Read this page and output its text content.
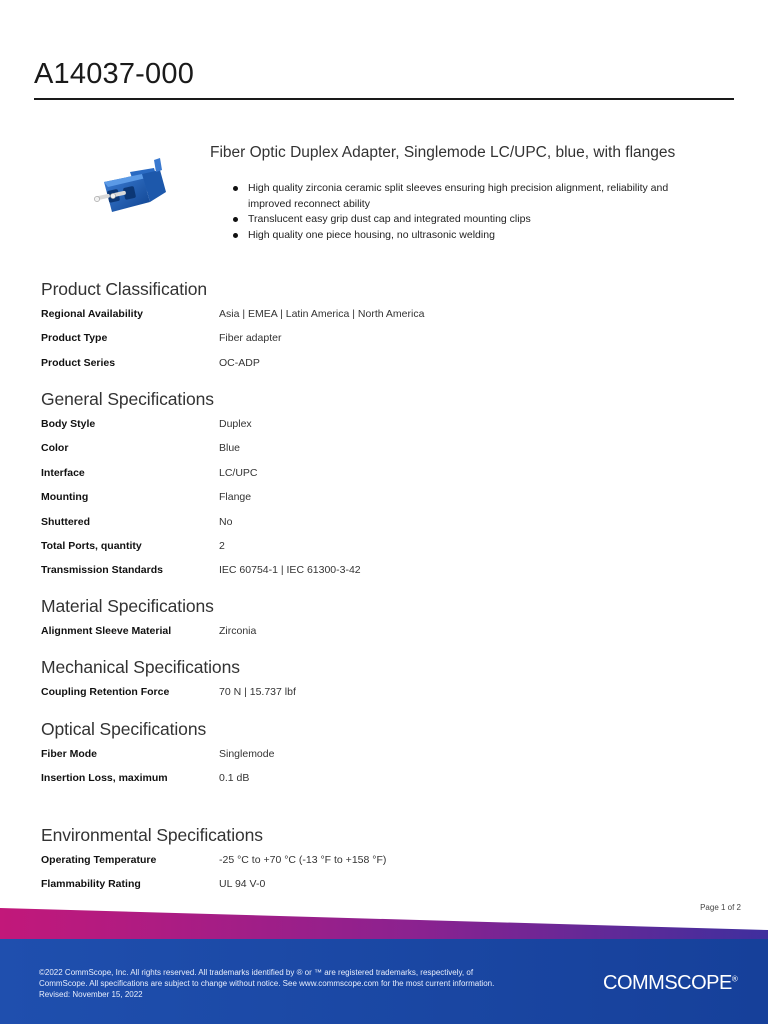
A14037-000
Fiber Optic Duplex Adapter, Singlemode LC/UPC, blue, with flanges
High quality zirconia ceramic split sleeves ensuring high precision alignment, reliability and improved reconnect ability
Translucent easy grip dust cap and integrated mounting clips
High quality one piece housing, no ultrasonic welding
Product Classification
Regional Availability	Asia | EMEA | Latin America | North America
Product Type	Fiber adapter
Product Series	OC-ADP
General Specifications
Body Style	Duplex
Color	Blue
Interface	LC/UPC
Mounting	Flange
Shuttered	No
Total Ports, quantity	2
Transmission Standards	IEC 60754-1 | IEC 61300-3-42
Material Specifications
Alignment Sleeve Material	Zirconia
Mechanical Specifications
Coupling Retention Force	70 N | 15.737 lbf
Optical Specifications
Fiber Mode	Singlemode
Insertion Loss, maximum	0.1 dB
Environmental Specifications
Operating Temperature	-25 °C to +70 °C (-13 °F to +158 °F)
Flammability Rating	UL 94 V-0
Page 1 of 2
©2022 CommScope, Inc. All rights reserved. All trademarks identified by ® or ™ are registered trademarks, respectively, of CommScope. All specifications are subject to change without notice. See www.commscope.com for the most current information. Revised: November 15, 2022
COMMSCOPE®
